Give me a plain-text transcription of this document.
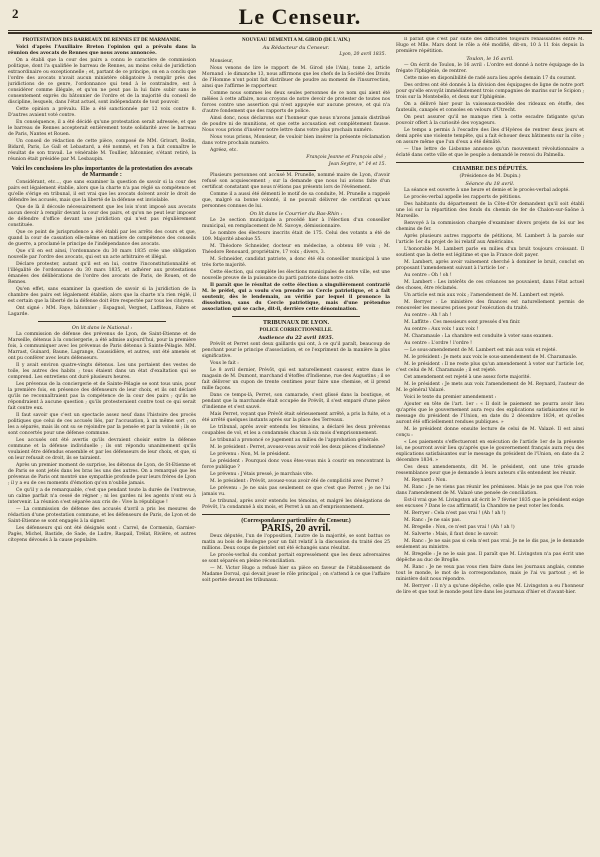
2	Le Censeur.
PROTESTATION DES BARREAUX DE RENNES ET DE MARMANDE.

Voici d'après l'Auxiliaire Breton l'opinion qui a prévalu dans la réunion des avocats de Rennes que nous avons annoncée.

On a établi que la cour des pairs a connu le caractère de commission politique, dont l'a qualifiée le barreau de Rennes, au moins celui de juridiction extraordinaire ou exceptionnelle ; et, partant de ce principe, on en a conclu que l'ordre des avocats n'avait aucun ministère obligatoire à remplir près des juridictions de ce genre, l'ordonnance qui tend à le contraindre, est à considérer comme illégale, et qu'on ne peut pas la lui faire subir sans le consentement exprès du bâtonnier de l'ordre et de la majorité du conseil de discipline, lesquels, dans l'état actuel, sont indépendants de tout pouvoir.

Cette opinion a prévalu. Elle a été sanctionnée par 12 voix contre 8. D'autres avaient voté contre.

En conséquence, il a été décidé qu'une protestation serait adressée, et que le barreau de Rennes accepterait entièrement toute solidarité avec le barreau de Paris, Nantes et Rouen.

Un conseil de rédaction de cette pièce, composé de MM. Grivart, Bodin, Bidard, Paris, Le Gall et Lebastard, a été nommé, et l'on a fait connaître le résultat de son travail. Le vénérable M. Toullier, bâtonnier, s'étant retiré, la réunion était présidée par M. Lesbaupin.

Voici les conclusions les plus importantes de la protestation des avocats de Marmande :

Considérant, etc..., que sans examiner la question de savoir si la cour des pairs est légalement établie, alors que la charte n'a pas réglé sa compétence et qu'elle s'érige en tribunal, il est vrai que les avocats doivent avoir le droit de défendre les accusés, mais que la liberté de la défense est inviolable.

Que de là il découle nécessairement que les lois n'ont imposé aux avocats aucun devoir à remplir devant la cour des pairs, et qu'on ne peut leur imposer de défendre d'office devant une juridiction qui n'est pas régulièrement constituée.

Que ce point de jurisprudence a été établi par les arrêts des cours et que, quand la cour de cassation elle-même en matière de compétence des conseils de guerre, a proclamé le principe de l'indépendance des avocats.

Que s'il en est ainsi, l'ordonnance du 30 mars 1835 crée une obligation nouvelle par l'ordre des avocats, qui est un acte arbitraire et illégal.

Déclare protester, autant qu'il est en lui, contre l'inconstitutionnalité et l'illégalité de l'ordonnance du 30 mars 1835, et adhérer aux protestations émanées des délibérations de l'ordre des avocats de Paris, de Rouen, et de Rennes.

Qu'en effet, sans examiner la question de savoir si la juridiction de la chambre des pairs est légalement établie, alors que la charte n'a rien réglé, il est certain que la liberté de la défense doit être respectée par tous les citoyens.

Ont signé : MM. Faye, bâtonnier ; Espagnol, Vergnet, Laffiteau, Fabre et Lagarde.

On lit dans le National :

La commission de défense des prévenus de Lyon, de Saint-Etienne et de Marseille, détenus à la conciergerie, a été admise aujourd'hui, pour la première fois, à communiquer avec les prévenus de Paris détenus à Sainte-Pélagie. MM. Marrast, Guinard, Baune, Lagrange, Caussidière, et autres, ont été amenés et ont pu conférer avec leurs défenseurs.

Il y avait environ quatre-vingts détenus. Les uns portaient des vestes de toile, les autres des habits ; tous étaient dans un état d'exaltation qui se comprend. Les entretiens ont duré plusieurs heures.

Les prévenus de la conciergerie et de Sainte-Pélagie se sont tous unis, pour la première fois, en présence des défenseurs de leur choix, et ils ont déclaré qu'ils ne reconnaîtraient pas la compétence de la cour des pairs ; qu'ils ne répondraient à aucune question ; qu'ils protesteraient contre tout ce qui serait fait contre eux.

Il faut savoir que c'est un spectacle assez neuf dans l'histoire des procès politiques que celui de ces accusés liés, par l'accusation, à un même sort ; on les a séparés, mais ils ont su se rejoindre par la pensée et par la volonté ; ils se sont concertés pour une défense commune.

Les accusés ont été avertis qu'ils devraient choisir entre la défense commune et la défense individuelle ; ils ont répondu unanimement qu'ils voulaient être défendus ensemble et par les défenseurs de leur choix, et que, si on leur refusait ce droit, ils se tairaient.

Après un premier moment de surprise, les détenus de Lyon, de St-Etienne et de Paris se sont jetés dans les bras les uns des autres. On a remarqué que les prévenus de Paris ont montré une sympathie profonde pour leurs frères de Lyon ; il y a eu de ces moments d'émotion qu'on n'oublie jamais.

Ce qu'il y a de remarquable, c'est que pendant toute la durée de l'entrevue, un calme parfait n'a cessé de régner ; ni les gardes ni les agents n'ont eu à intervenir. La réunion s'est séparée aux cris de : Vive la république !

— La commission de défense des accusés d'avril a pris les mesures de rédaction d'une protestation commune, et les défenseurs de Paris, de Lyon et de Saint-Etienne se sont engagés à la signer.

Les défenseurs qui ont été désignés sont : Carrel, de Cormenin, Garnier-Pagès, Michel, Bastide, de Sade, de Ludre, Raspail, Trélat, Rivière, et autres citoyens dévoués à la cause populaire.

NOUVEAU DÉMENTI A M. GIROD (DE L'AIN.)
Au Rédacteur du Censeur.
Lyon, 20 avril 1835.

Monsieur,

Nous venons de lire le rapport de M. Girod (de l'Ain), tome 2, article Mornand : le dimanche 13, nous affirmons que les chefs de la Société des Droits de l'Homme n'ont point fait distribuer de poudre au moment de l'insurrection, ainsi que l'affirme le rapporteur.

Comme nous sommes les deux seules personnes de ce nom qui aient été mêlées à cette affaire, nous croyons de notre devoir de protester de toutes nos forces contre une assertion qui n'est appuyée sur aucune preuve, et qui n'a d'autre fondement que des rapports de police.

Ainsi donc, nous déclarons sur l'honneur que nous n'avons jamais distribué de poudre ni de munitions, et que cette accusation est complètement fausse. Nous vous prions d'insérer notre lettre dans votre plus prochain numéro.

Nous vous prions, Monsieur, de vouloir bien insérer la présente réclamation dans votre prochain numéro.

Agréez, etc.

François Jeanne et François aîné ;
Jean Seytre, n° 14 et 15.

Plusieurs personnes ont accusé M. Prunelle, nommé maire de Lyon, d'avoir refusé son acquiescement ; sur la demande que nous lui avions faite d'un certificat constatant que nous n'étions pas présents lors de l'événement.

Comme il a aussi été démenti le motif de sa conduite, M. Prunelle a rappelé que, malgré sa bonne volonté, il ne pouvait délivrer de certificat qu'aux personnes connues de lui.

On lit dans le Courrier du Bas-Rhin :

Le 2e section municipale a procédé hier à l'élection d'un conseiller municipal, en remplacement de M. Savoye, démissionnaire.

Le nombre des électeurs inscrits était de 175. Celui des votants a été de 109. Majorité absolue 55.

M. Théodore Schneider, docteur en médecine, a obtenu 89 voix ; M. Théodore Renouard, propriétaire, 17 voix ; divers, 3.

M. Schneider, candidat patriote, a donc été élu conseiller municipal à une très forte majorité.

Cette élection, qui complète les élections municipales de notre ville, est une nouvelle preuve de la puissance du parti patriote dans notre cité.

Il paraît que le résultat de cette élection a singulièrement contrarié M. le préfet, qui a voulu s'en prendre au Cercle patriotique, et a fait soutenir, dès le lendemain, au vérifié par lequel il prononce la dissolution, sans du Cercle patriotique, mais d'une prétendue association qui se cache, dit-il, derrière cette dénomination.

TRIBUNAUX DE LYON.
POLICE CORRECTIONNELLE.
Audience du 22 avril 1835.

Prévôt et Perret sont deux gaillards qui ont, à ce qu'il paraît, beaucoup de penchant pour le principe d'association, et ce l'expriment de la manière la plus significative.

Vous le fait :

Le 8 avril dernier, Prévôt, qui est naturellement causeur, entre dans le magasin de M. Dumont, marchand d'étoffes d'Indienne, rue des Augustins ; il se fait délivrer un cupon de trente centimes pour faire une chemise, et il prend mille façons.

Dans ce temps-là, Perret, son camarade, s'est glissé dans la boutique, et pendant que la marchande était occupée de Prévôt, il s'est emparé d'une pièce d'indienne et s'est sauvé.

Mais Perret, voyant que Prévôt était sérieusement arrêté, a pris la fuite, et a été arrêté quelques instants après sur la place des Terreaux.

Le tribunal, après avoir entendu les témoins, a déclaré les deux prévenus coupables de vol, et les a condamnés chacun à six mois d'emprisonnement.

Le tribunal a prononcé ce jugement au milieu de l'approbation générale.

M. le président : Perret, avouez-vous avoir volé les deux pièces d'indienne?

Le prévenu : Non, M. le président.

Le président : Pourquoi donc vous êtes-vous mis à courir en rencontrant la force publique ?

Le prévenu : J'étais pressé, je marchais vite.

M. le président : Prévôt, avouez-vous avoir été de complicité avec Perret ?

Le prévenu : Je ne sais pas seulement ce que c'est que Perret ; je ne l'ai jamais vu.

Le tribunal, après avoir entendu les témoins, et malgré les dénégations de Prévôt, l'a condamné à six mois, et Perret à un an d'emprisonnement.

(Correspondance particulière du Censeur.)
PARIS, 20 avril.

Deux députés, l'un de l'opposition, l'autre de la majorité, se sont battus ce matin au bois de Boulogne pour un fait relatif à la discussion du traité des 25 millions. Deux coups de pistolet ont été échangés sans résultat.

Le procès-verbal du combat portait expressément que les deux adversaires se sont séparés en pleine réconciliation.

— M. Victor Hugo a refusé hier sa pièce en faveur de l'établissement de Madame Dorval, qui devait jouer le rôle principal ; on s'attend à ce que l'affaire soit portée devant les tribunaux.

Il paraît que c'est par suite des difficultés toujours renaissantes entre M. Hugo et Mlle. Mars dont le rôle a été modifié, dit-on, 10 à 11 fois depuis la première répétition.

Toulon, le 16 avril.

— On écrit de Toulon, le 16 avril : L'ordre est donné à notre équipage de la frégate l'Iphigénie, de rentrer.

Cette mise en disponibilité de radé aura lieu après demain 17 du courant.

Des ordres ont été donnés à la division des équipages de ligne de notre port pour qu'elle envoyât immédiatement trois compagnies de marins sur le Scipion ; trois sur la Montebello, et deux sur l'Iphigénie.

On a délivré hier pour la vaisseaux-modèle des rideaux en étoffe, des fauteuils, canapés et consoles en velours d'Utrecht.

On peut assurer qu'il ne manque rien à cette escadre fatigante qu'un pouvoir offert à la curiosité des voyageurs.

Le temps a permis à l'escadre des îles d'Hyères de rentrer deux jours et demi après une violente tempête, qui a fait échouer deux bâtiments sur la côte ; on assure même que l'un d'eux a été démâté.

— Une lettre de Lisbonne annonce qu'un mouvement révolutionnaire a éclaté dans cette ville et que le peuple a demandé le renvoi du Palmella.

CHAMBRE DES DÉPUTÉS.
(Présidence de M. Dupin.)
Séance du 18 avril.

La séance est ouverte à une heure et demie et le procès-verbal adopté.

Le procès-verbal appelle les rapports de pétitions.

Des habitants du département de la Côte-d'Or demandent qu'il soit établi une loi sur la répartition des fonds du chemin de fer de Chalon-sur-Saône à Marseille.

Renvoyé à la commission chargée d'examiner divers projets de loi sur les chemins de fer.

Après plusieurs autres rapports de pétitions, M. Lambert à la parole sur l'article 1er du projet de loi relatif aux Américains.

L'honorable M. Lambert parle en milieu d'un bruit toujours croissant. Il soutient que la dette est légitime et que la France doit payer.

M. Lambert, après avoir vainement cherché à dominer le bruit, conclut en proposant l'amendement suivant à l'article 1er :

Au centre : Oh ! oh !

M. Lambert : Les intérêts de ces créances ne pouvaient, dans l'état actuel des choses, être réclamés.

Un article est mis aux voix ; l'amendement de M. Lambert est rejeté.

M. Berryer : Le ministère des finances est naturellement permis de renouveler les mesures prises pour l'exécution du traité.

Au centre : Ah ! ah !

M. Laffitte : Ces messieurs sont pressés d'en finir.

Au centre : Aux voix ! aux voix !

M. Charamaule : La chambre est conduite à voter sans examen.

Au centre : L'ordre ! l'ordre !

— Le sous-amendement de M. Lambert est mis aux voix et rejeté.

M. le président : Je mets aux voix le sous-amendement de M. Charamaule.

M. le président : Il ne reste plus qu'un amendement à voter sur l'article 1er, c'est celui de M. Charamaule ; il est rejeté.

Cet amendement est rejeté à une assez forte majorité.

M. le président : Je mets aux voix l'amendement de M. Reynard, l'auteur de M. le général Valazé.

Voici le texte du premier amendement :

Ajouter en tête de l'art. 1er : « Il doit le paiement ne pourra avoir lieu qu'après que le gouvernement aura reçu des explications satisfaisantes sur le message du président de l'Union, en date du 2 décembre 1834, et qu'elles auront été officiellement rendues publiques. »

M. le président donne ensuite lecture de celui de M. Valazé. Il est ainsi conçu :

« Les paiements s'effectueront en exécution de l'article 1er de la présente loi, ne pourront avoir lieu qu'après que le gouvernement français aura reçu des explications satisfaisantes sur le message du président de l'Union, en date du 2 décembre 1834. »

Ces deux amendements, dit M. le président, ont une très grande ressemblance pour que je demande à leurs auteurs s'ils entendent les réunir.

M. Reynard : Non.

M. Ranc : Je ne viens pas réunir les prémisses. Mais je ne pas que l'on voie dans l'amendement de M. Valazé une pensée de conciliation.

Est-il vrai que M. Livingston ait écrit le 7 février 1835 que le président exige ses excuses ? Dans le cas affirmatif, la Chambre ne peut voter les fonds.

M. Berryer : Cela n'est pas vrai ! (Ah ! ah !)

M. Ranc : Je ne sais pas.

M. Bregelle : Non, ce n'est pas vrai ! (Ah ! ah !)

M. Salverte : Mais, il faut donc le savoir.

M. Ranc : Je ne sais pas si cela n'est pas vrai. Je ne le dis pas, je le demande seulement au ministre.

M. Bregelle : Je ne le sais pas. Il paraît que M. Livingston n'a pas écrit une dépêche au duc de Broglie.

M. Ranc : Je ne veux pas vous rien faire dans les journaux anglais, comme tout le monde, le mot de la correspondance, mais je l'ai vu partout ; et le ministère doit nous répondre.

M. Berryer : Il n'y a qu'une dépêche, celle que M. Livingston a eu l'honneur de lire et que tout le monde peut lire dans les journaux d'hier et d'avant-hier.
